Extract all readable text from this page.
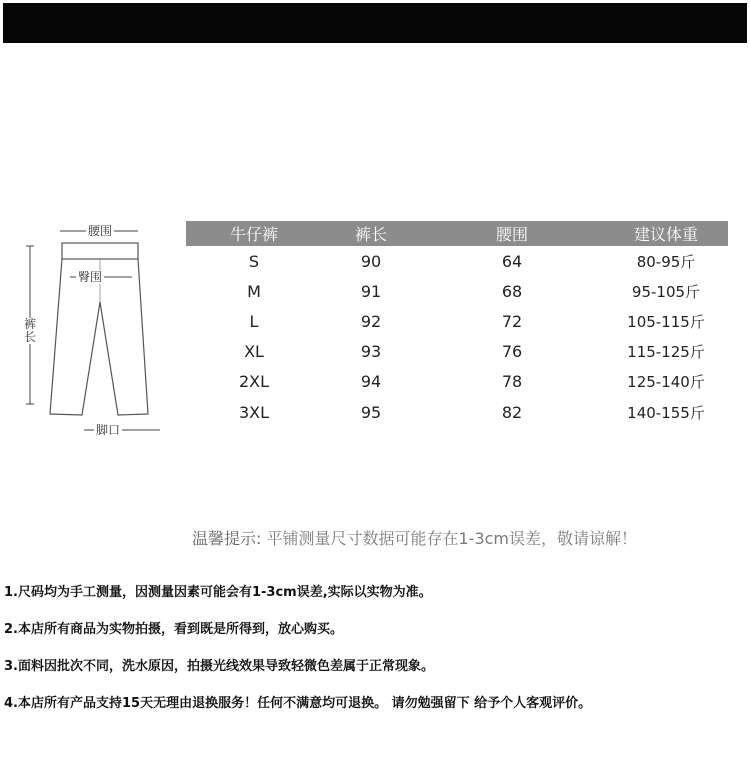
腰围
臀围
裤长
脚口
牛仔裤	裤长	腰围	建议体重
S	90	64	80-95斤
M	91	68	95-105斤
L	92	72	105-115斤
XL	93	76	115-125斤
2XL	94	78	125-140斤
3XL	95	82	140-155斤
温馨提示: 平铺测量尺寸数据可能存在1-3cm误差，敬请谅解！
1.尺码均为手工测量，因测量因素可能会有1-3cm误差,实际以实物为准。
2.本店所有商品为实物拍摄，看到既是所得到，放心购买。
3.面料因批次不同，洗水原因，拍摄光线效果导致轻微色差属于正常现象。
4.本店所有产品支持15天无理由退换服务！任何不满意均可退换。 请勿勉强留下 给予个人客观评价。
